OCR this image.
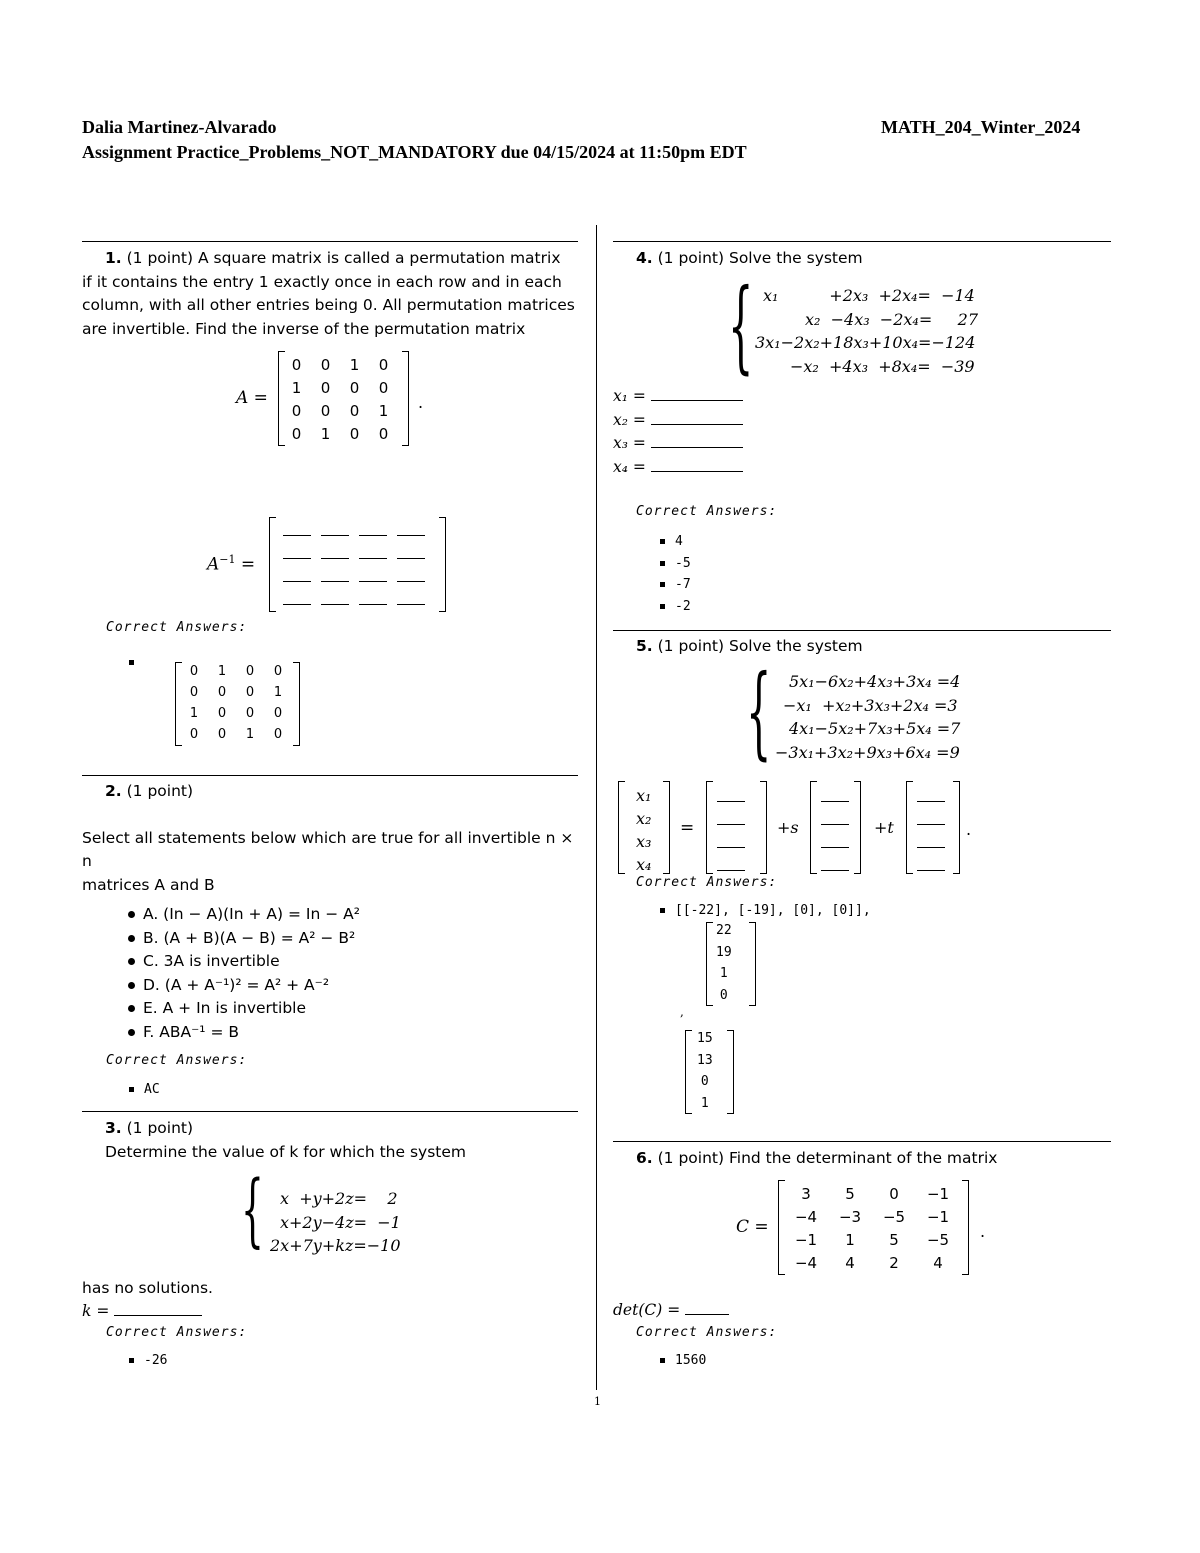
Dalia Martinez-Alvarado	MATH_204_Winter_2024
Assignment Practice_Problems_NOT_MANDATORY due 04/15/2024 at 11:50pm EDT
1. (1 point) A square matrix is called a permutation matrix
if it contains the entry 1 exactly once in each row and in each
column, with all other entries being 0. All permutation matrices
are invertible. Find the inverse of the permutation matrix
A =
0	0	1	0
1	0	0	0
0	0	0	1
0	1	0	0
.
$A^{-1}$ =
Correct Answers:
0	1	0	0
0	0	0	1
1	0	0	0
0	0	1	0
2. (1 point)
Select all statements below which are true for all invertible n × n
matrices A and B
A. (In − A)(In + A) = In − A²
B. (A + B)(A − B) = A² − B²
C. 3A is invertible
D. (A + A⁻¹)² = A² + A⁻²
E. A + In is invertible
F. ABA⁻¹ = B
Correct Answers:
AC
3. (1 point)
Determine the value of k for which the system
{	x  +y+2z=    2
x+2y−4z=  −1
2x+7y+kz=−10
has no solutions.
k =
Correct Answers:
-26
4. (1 point) Solve the system
{ x₁          +2x₃  +2x₄=  −14
x₂  −4x₃  −2x₄=     27
3x₁−2x₂+18x₃+10x₄=−124
−x₂  +4x₃  +8x₄=  −39
x₁ =
x₂ =
x₃ =
x₄ =
Correct Answers:
4
-5
-7
-2
5. (1 point) Solve the system
{	5x₁−6x₂+4x₃+3x₄ =4
−x₁  +x₂+3x₃+2x₄ =3
4x₁−5x₂+7x₃+5x₄ =7
−3x₁+3x₂+9x₃+6x₄ =9
x₁
x₂
x₃
x₄
=	+s	+t	.
Correct Answers:
[[-22], [-19], [0], [0]],
22
19
1
0
,
15
13
0
1
6. (1 point) Find the determinant of the matrix
C =
3	5	0	−1
−4	−3	−5	−1
−1	1	5	−5
−4	4	2	4
.
det(C) =
Correct Answers:
1560
1
